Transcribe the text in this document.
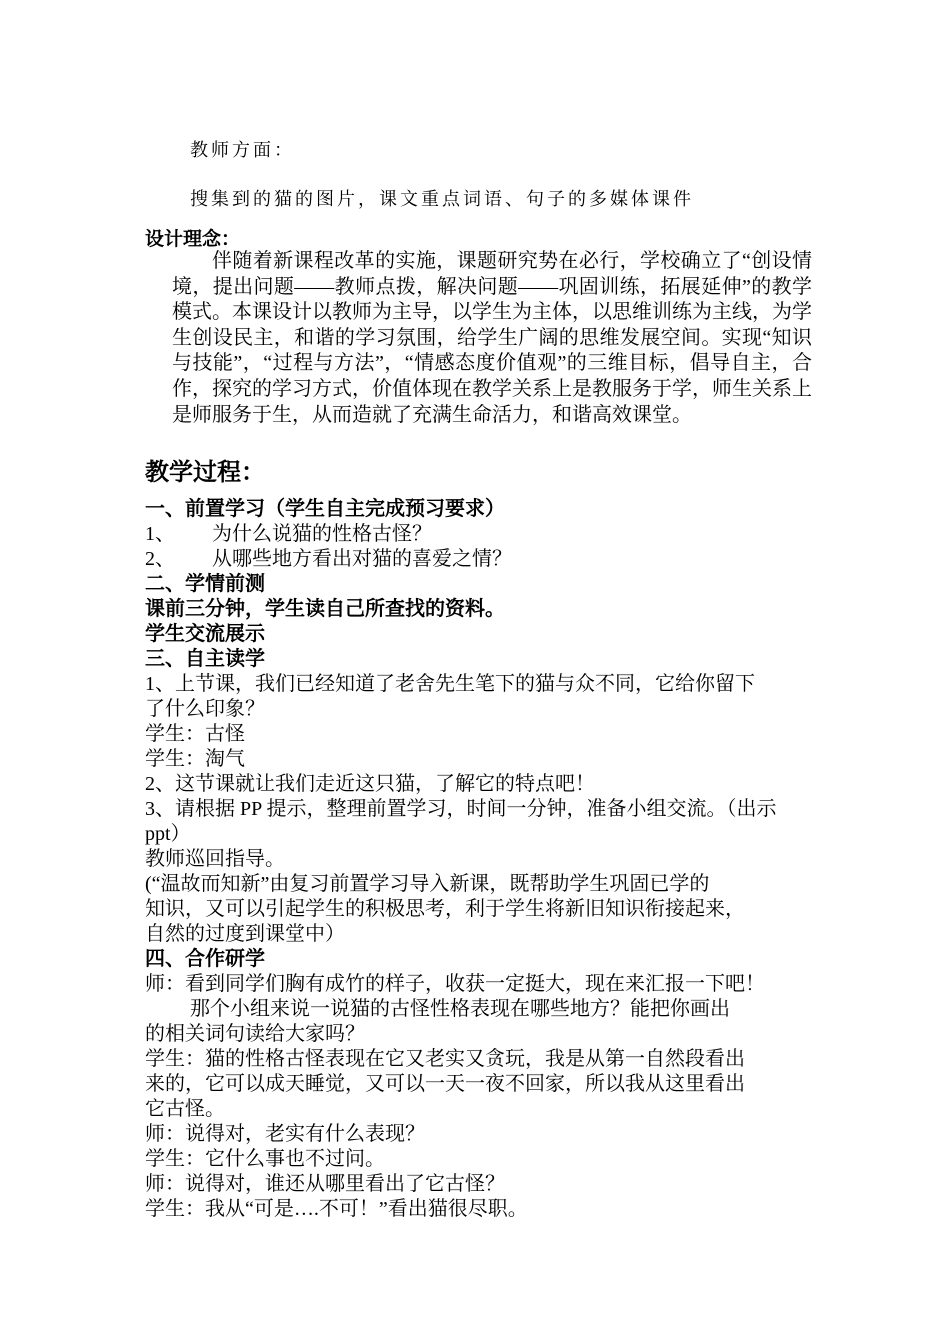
教师方面：
搜集到的猫的图片，课文重点词语、句子的多媒体课件
设计理念：

伴随着新课程改革的实施，课题研究势在必行，学校确立了“创设情境，提出问题——教师点拨，解决问题——巩固训练，拓展延伸”的教学模式。本课设计以教师为主导，以学生为主体，以思维训练为主线，为学生创设民主，和谐的学习氛围，给学生广阔的思维发展空间。实现“知识与技能”，“过程与方法”，“情感态度价值观”的三维目标，倡导自主，合作，探究的学习方式，价值体现在教学关系上是教服务于学，师生关系上是师服务于生，从而造就了充满生命活力，和谐高效课堂。

教学过程：
一、前置学习（学生自主完成预习要求）
1、 为什么说猫的性格古怪？
2、 从哪些地方看出对猫的喜爱之情？
二、学情前测
课前三分钟，学生读自己所查找的资料。
学生交流展示
三、自主读学
1、上节课，我们已经知道了老舍先生笔下的猫与众不同，它给你留下
了什么印象？
学生：古怪
学生：淘气
2、这节课就让我们走近这只猫，了解它的特点吧！
3、请根据 PP 提示，整理前置学习，时间一分钟，准备小组交流。（出示
ppt）
教师巡回指导。
(“温故而知新”由复习前置学习导入新课，既帮助学生巩固已学的
知识，又可以引起学生的积极思考，利于学生将新旧知识衔接起来，
自然的过度到课堂中）
四、合作研学
师：看到同学们胸有成竹的样子，收获一定挺大，现在来汇报一下吧！
那个小组来说一说猫的古怪性格表现在哪些地方？能把你画出
的相关词句读给大家吗？
学生：猫的性格古怪表现在它又老实又贪玩，我是从第一自然段看出
来的，它可以成天睡觉，又可以一天一夜不回家，所以我从这里看出
它古怪。
师：说得对，老实有什么表现？
学生：它什么事也不过问。
师：说得对，谁还从哪里看出了它古怪？
学生：我从“可是….不可！”看出猫很尽职。
